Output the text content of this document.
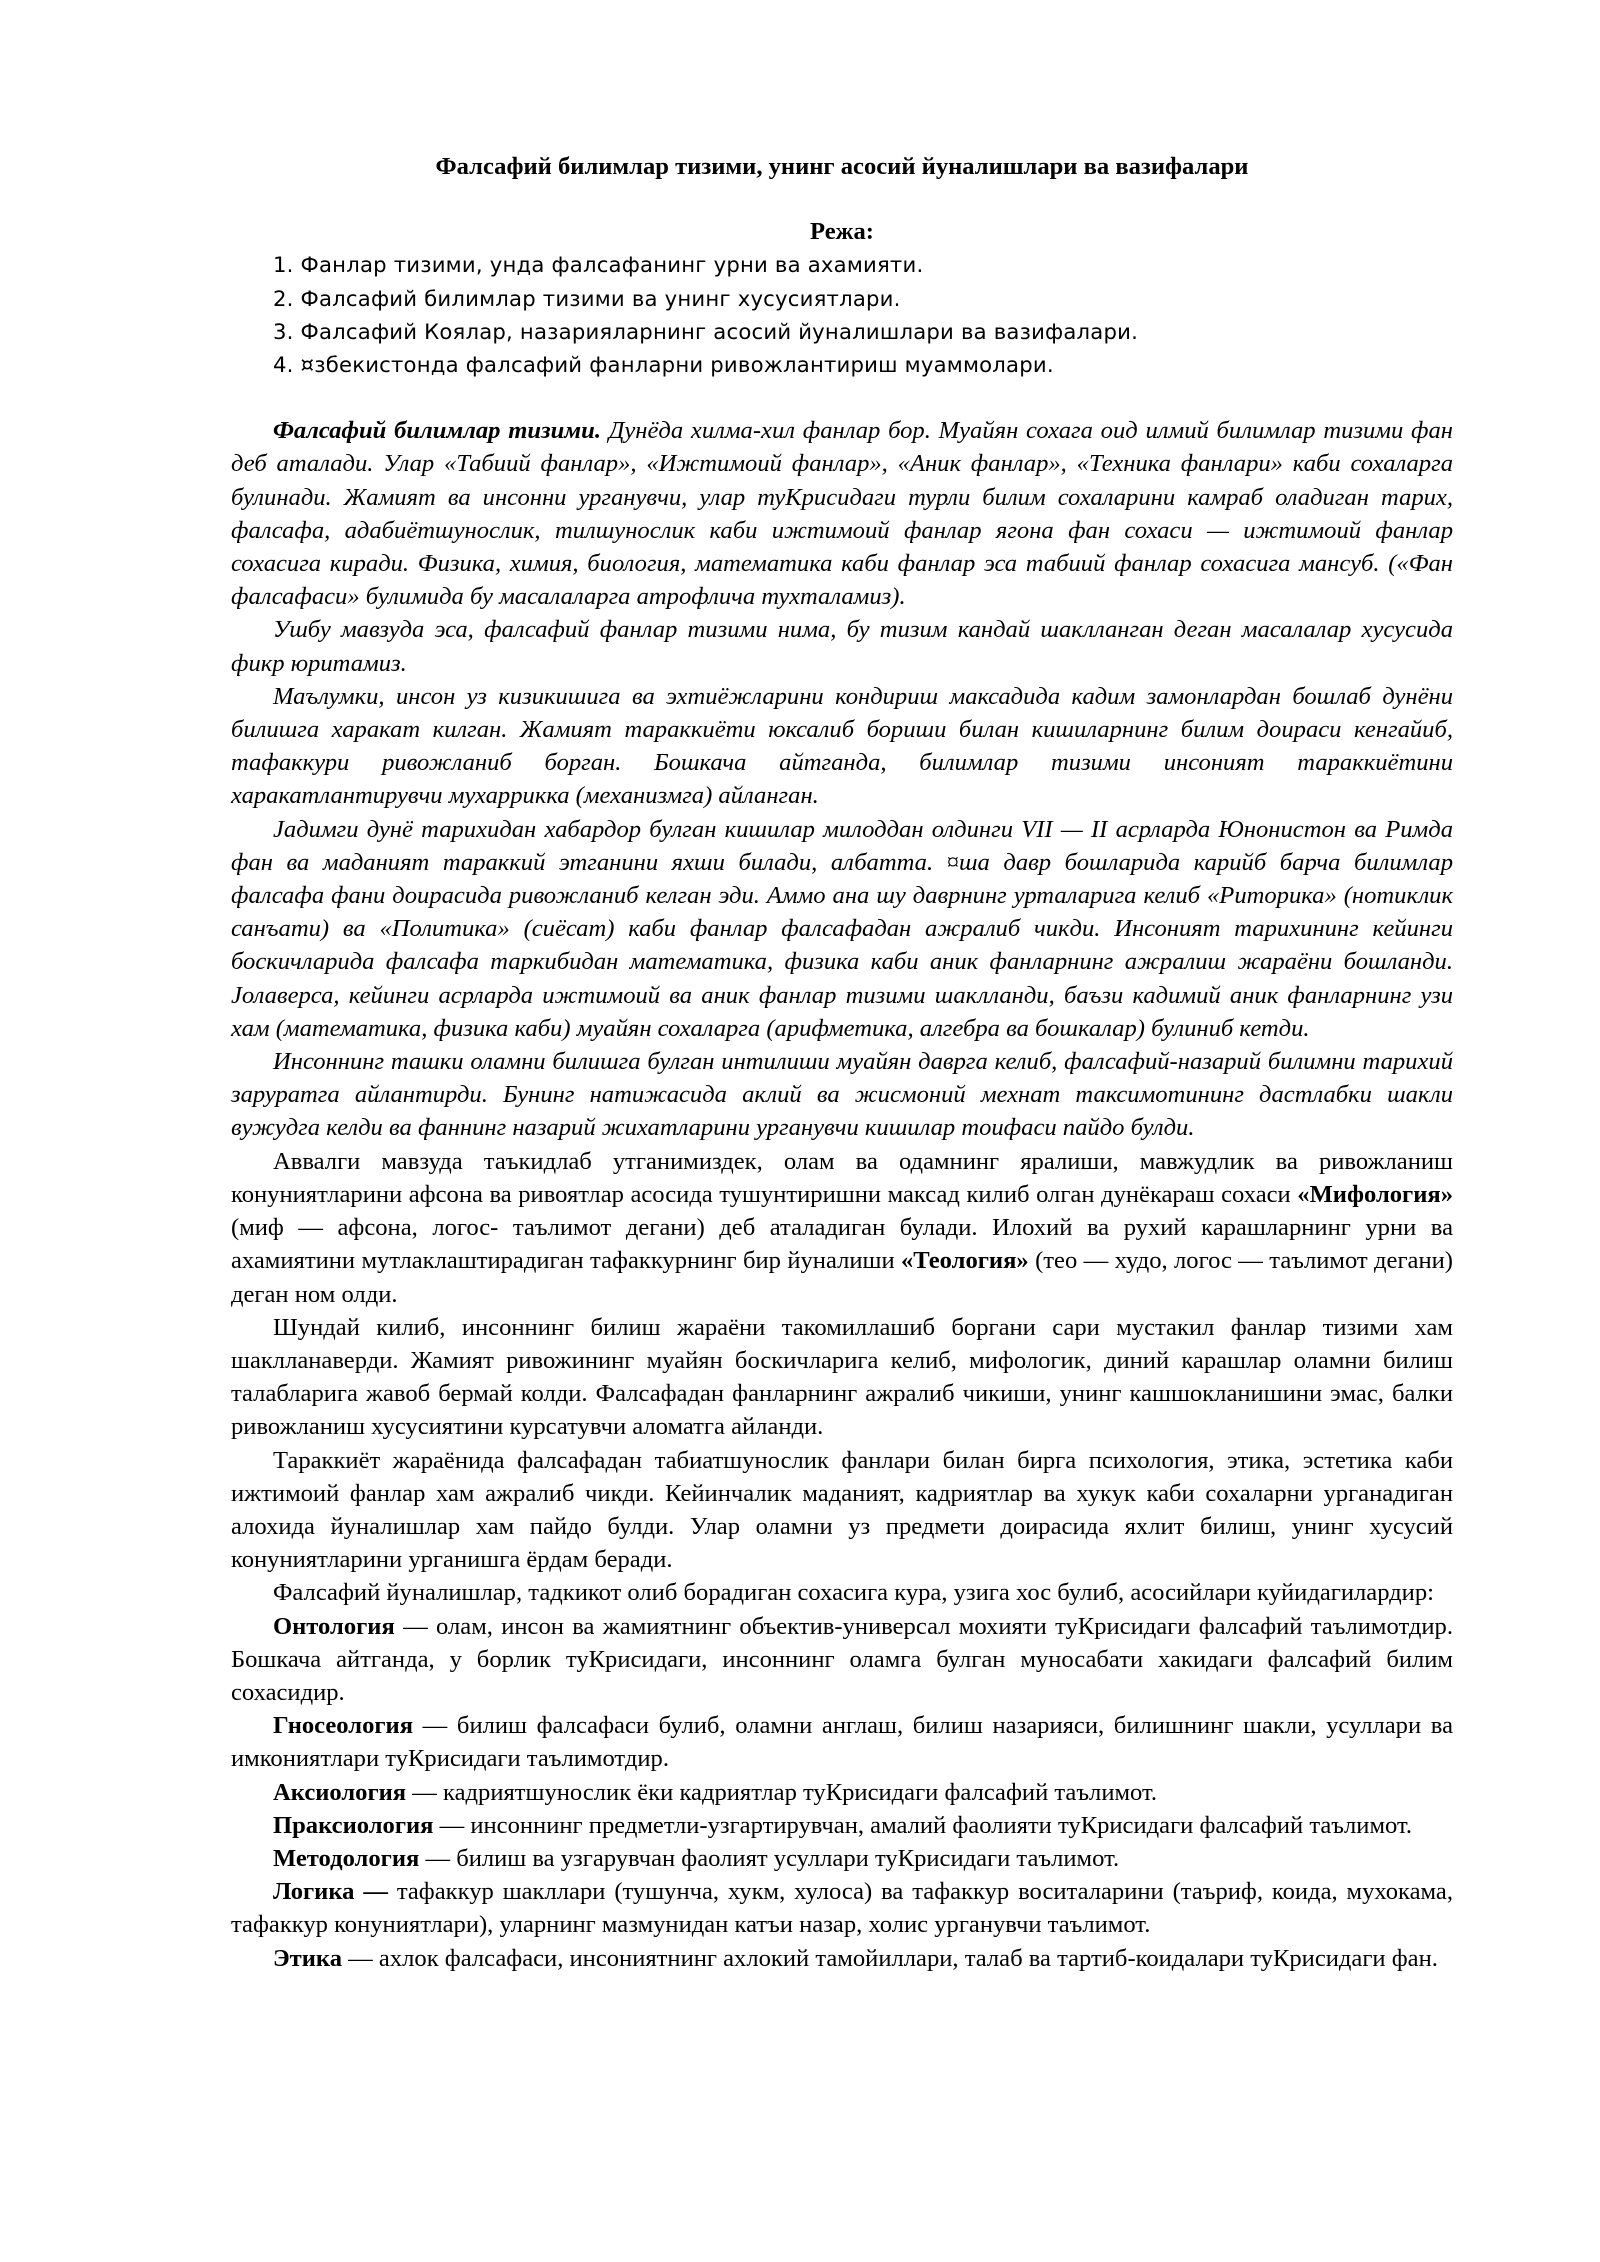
Фалсафий билимлар тизими, унинг асосий йуналишлари ва вазифалари
Режа:
1. Фанлар тизими, унда фалсафанинг урни ва ахамияти.
2. Фалсафий билимлар тизими ва унинг хусусиятлари.
3. Фалсафий Коялар, назарияларнинг асосий йуналишлари ва вазифалари.
4. ¤збекистонда фалсафий фанларни ривожлантириш муаммолари.

Фалсафий билимлар тизими. Дунёда хилма-хил фанлар бор. Муайян сохага оид илмий билимлар тизими фан деб аталади. Улар «Табиий фанлар», «Ижтимоий фанлар», «Аник фанлар», «Техника фанлари» каби сохаларга булинади. Жамият ва инсонни урганувчи, улар туКрисидаги турли билим сохаларини камраб оладиган тарих, фалсафа, адабиётшунослик, тилшунослик каби ижтимоий фанлар ягона фан сохаси — ижтимоий фанлар сохасига киради. Физика, химия, биология, математика каби фанлар эса табиий фанлар сохасига мансуб. («Фан фалсафаси» булимида бу масалаларга атрофлича тухталамиз).

Ушбу мавзуда эса, фалсафий фанлар тизими нима, бу тизим кандай шаклланган деган масалалар хусусида фикр юритамиз.

Маълумки, инсон уз кизикишига ва эхтиёжларини кондириш максадида кадим замонлардан бошлаб дунёни билишга харакат килган. Жамият тараккиёти юксалиб бориши билан кишиларнинг билим доираси кенгайиб, тафаккури ривожланиб борган. Бошкача айтганда, билимлар тизими инсоният тараккиётини харакатлантирувчи мухаррикка (механизмга) айланган.

Јадимги дунё тарихидан хабардор булган кишилар милоддан олдинги VII — II асрларда Юнонистон ва Римда фан ва маданият тараккий этганини яхши билади, албатта. ¤ша давр бошларида карийб барча билимлар фалсафа фани доирасида ривожланиб келган эди. Аммо ана шу даврнинг урталарига келиб «Риторика» (нотиклик санъати) ва «Политика» (сиёсат) каби фанлар фалсафадан ажралиб чикди. Инсоният тарихининг кейинги боскичларида фалсафа таркибидан математика, физика каби аник фанларнинг ажралиш жараёни бошланди. Јолаверса, кейинги асрларда ижтимоий ва аник фанлар тизими шаклланди, баъзи кадимий аник фанларнинг узи хам (математика, физика каби) муайян сохаларга (арифметика, алгебра ва бошкалар) булиниб кетди.

Инсоннинг ташки оламни билишга булган интилиши муайян даврга келиб, фалсафий-назарий билимни тарихий заруратга айлантирди. Бунинг натижасида аклий ва жисмоний мехнат таксимотининг дастлабки шакли вужудга келди ва фаннинг назарий жихатларини урганувчи кишилар тоифаси пайдо булди.

Аввалги мавзуда таъкидлаб утганимиздек, олам ва одамнинг яралиши, мавжудлик ва ривожланиш конуниятларини афсона ва ривоятлар асосида тушунтиришни максад килиб олган дунёкараш сохаси «Мифология» (миф — афсона, логос- таълимот дегани) деб аталадиган булади. Илохий ва рухий карашларнинг урни ва ахамиятини мутлаклаштирадиган тафаккурнинг бир йуналиши «Теология» (тео — худо, логос — таълимот дегани) деган ном олди.

Шундай килиб, инсоннинг билиш жараёни такомиллашиб боргани сари мустакил фанлар тизими хам шаклланаверди. Жамият ривожининг муайян боскичларига келиб, мифологик, диний карашлар оламни билиш талабларига жавоб бермай колди. Фалсафадан фанларнинг ажралиб чикиши, унинг кашшокланишини эмас, балки ривожланиш хусусиятини курсатувчи аломатга айланди.

Тараккиёт жараёнида фалсафадан табиатшунослик фанлари билан бирга психология, этика, эстетика каби ижтимоий фанлар хам ажралиб чикди. Кейинчалик маданият, кадриятлар ва хукук каби сохаларни урганадиган алохида йуналишлар хам пайдо булди. Улар оламни уз предмети доирасида яхлит билиш, унинг хусусий конуниятларини урганишга ёрдам беради.

Фалсафий йуналишлар, тадкикот олиб борадиган сохасига кура, узига хос булиб, асосийлари куйидагилардир:

Онтология — олам, инсон ва жамиятнинг объектив-универсал мохияти туКрисидаги фалсафий таълимотдир. Бошкача айтганда, у борлик туКрисидаги, инсоннинг оламга булган муносабати хакидаги фалсафий билим сохасидир.

Гносеология — билиш фалсафаси булиб, оламни англаш, билиш назарияси, билишнинг шакли, усуллари ва имкониятлари туКрисидаги таълимотдир.

Аксиология — кадриятшунослик ёки кадриятлар туКрисидаги фалсафий таълимот.

Праксиология — инсоннинг предметли-узгартирувчан, амалий фаолияти туКрисидаги фалсафий таълимот.

Методология — билиш ва узгарувчан фаолият усуллари туКрисидаги таълимот.

Логика — тафаккур шакллари (тушунча, хукм, хулоса) ва тафаккур воситаларини (таъриф, коида, мухокама, тафаккур конуниятлари), уларнинг мазмунидан катъи назар, холис урганувчи таълимот.

Этика — ахлок фалсафаси, инсониятнинг ахлокий тамойиллари, талаб ва тартиб-коидалари туКрисидаги фан.
